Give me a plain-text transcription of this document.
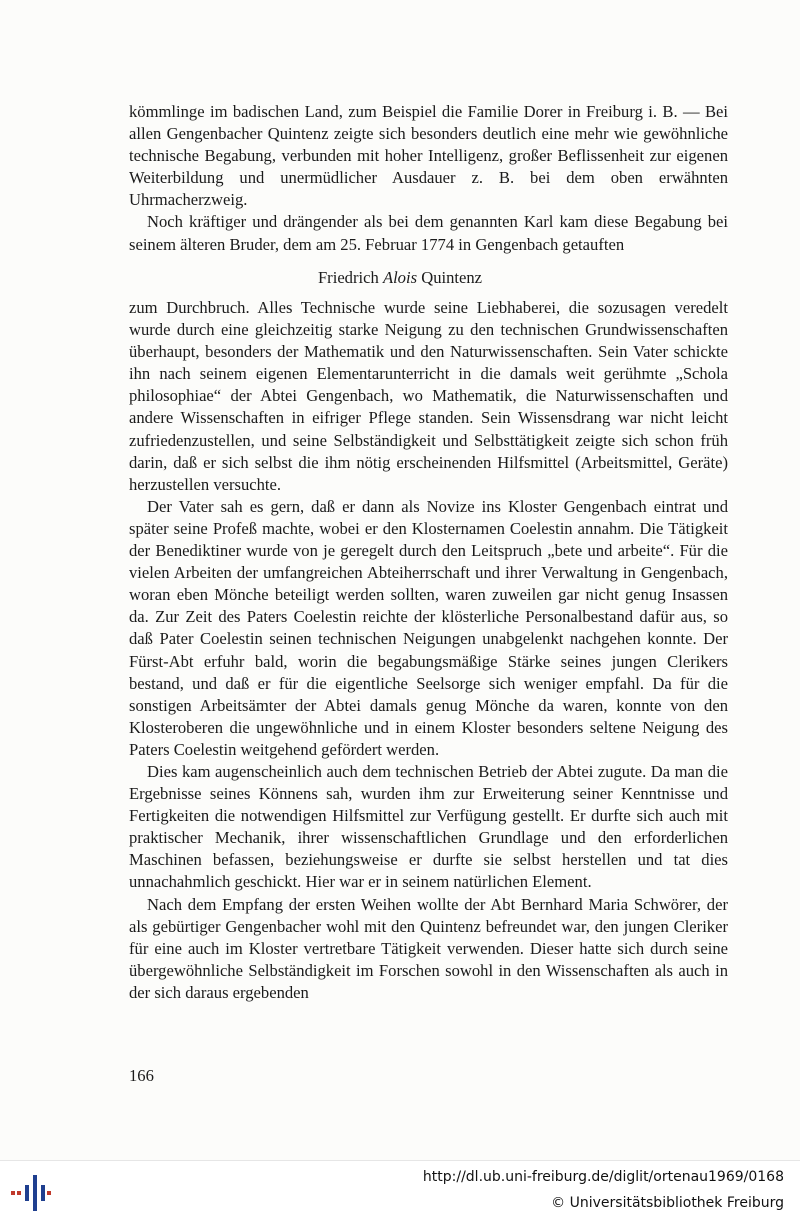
kömmlinge im badischen Land, zum Beispiel die Familie Dorer in Freiburg i. B. — Bei allen Gengenbacher Quintenz zeigte sich besonders deutlich eine mehr wie gewöhnliche technische Begabung, verbunden mit hoher Intelligenz, großer Beflissenheit zur eigenen Weiterbildung und unermüdlicher Ausdauer z. B. bei dem oben erwähnten Uhrmacherzweig.

Noch kräftiger und drängender als bei dem genannten Karl kam diese Begabung bei seinem älteren Bruder, dem am 25. Februar 1774 in Gengenbach getauften

Friedrich Alois Quintenz

zum Durchbruch. Alles Technische wurde seine Liebhaberei, die sozusagen veredelt wurde durch eine gleichzeitig starke Neigung zu den technischen Grundwissenschaften überhaupt, besonders der Mathematik und den Naturwissenschaften. Sein Vater schickte ihn nach seinem eigenen Elementarunterricht in die damals weit gerühmte „Schola philosophiae“ der Abtei Gengenbach, wo Mathematik, die Naturwissenschaften und andere Wissenschaften in eifriger Pflege standen. Sein Wissensdrang war nicht leicht zufriedenzustellen, und seine Selbständigkeit und Selbsttätigkeit zeigte sich schon früh darin, daß er sich selbst die ihm nötig erscheinenden Hilfsmittel (Arbeitsmittel, Geräte) herzustellen versuchte.

Der Vater sah es gern, daß er dann als Novize ins Kloster Gengenbach eintrat und später seine Profeß machte, wobei er den Klosternamen Coelestin annahm. Die Tätigkeit der Benediktiner wurde von je geregelt durch den Leitspruch „bete und arbeite“. Für die vielen Arbeiten der umfangreichen Abteiherrschaft und ihrer Verwaltung in Gengenbach, woran eben Mönche beteiligt werden sollten, waren zuweilen gar nicht genug Insassen da. Zur Zeit des Paters Coelestin reichte der klösterliche Personalbestand dafür aus, so daß Pater Coelestin seinen technischen Neigungen unabgelenkt nachgehen konnte. Der Fürst-Abt erfuhr bald, worin die begabungsmäßige Stärke seines jungen Clerikers bestand, und daß er für die eigentliche Seelsorge sich weniger empfahl. Da für die sonstigen Arbeitsämter der Abtei damals genug Mönche da waren, konnte von den Klosteroberen die ungewöhnliche und in einem Kloster besonders seltene Neigung des Paters Coelestin weitgehend gefördert werden.

Dies kam augenscheinlich auch dem technischen Betrieb der Abtei zugute. Da man die Ergebnisse seines Könnens sah, wurden ihm zur Erweiterung seiner Kenntnisse und Fertigkeiten die notwendigen Hilfsmittel zur Verfügung gestellt. Er durfte sich auch mit praktischer Mechanik, ihrer wissenschaftlichen Grundlage und den erforderlichen Maschinen befassen, beziehungsweise er durfte sie selbst herstellen und tat dies unnachahmlich geschickt. Hier war er in seinem natürlichen Element.

Nach dem Empfang der ersten Weihen wollte der Abt Bernhard Maria Schwörer, der als gebürtiger Gengenbacher wohl mit den Quintenz befreundet war, den jungen Cleriker für eine auch im Kloster vertretbare Tätigkeit verwenden. Dieser hatte sich durch seine übergewöhnliche Selbständigkeit im Forschen sowohl in den Wissenschaften als auch in der sich daraus ergebenden

166
http://dl.ub.uni-freiburg.de/diglit/ortenau1969/0168
© Universitätsbibliothek Freiburg
